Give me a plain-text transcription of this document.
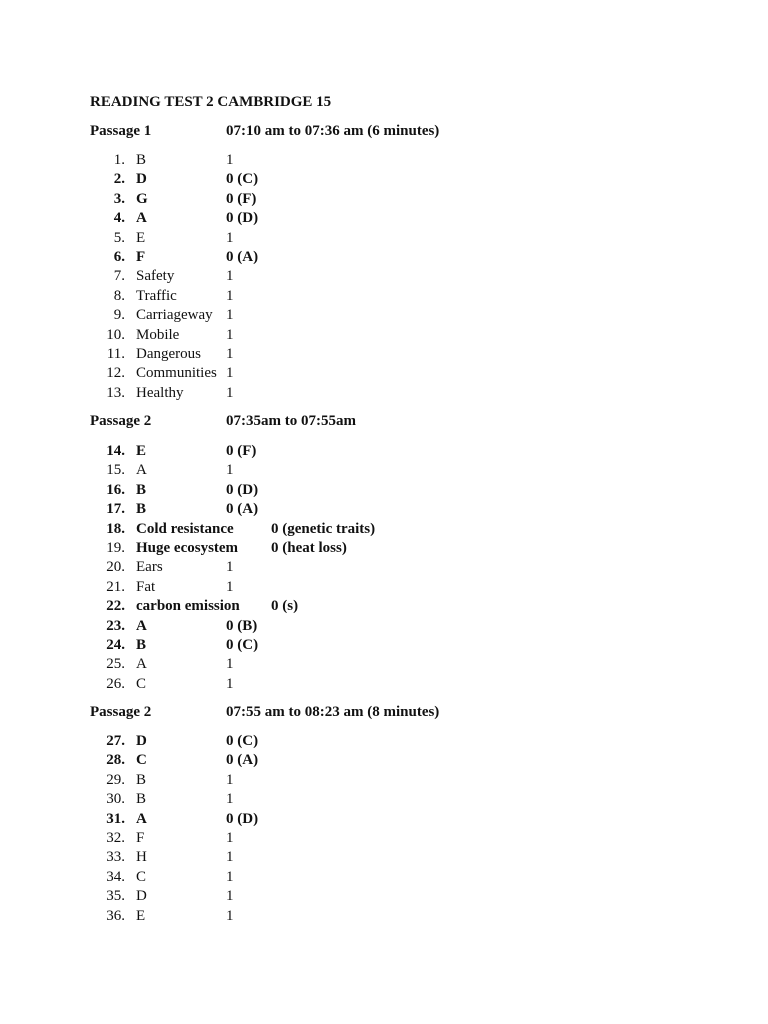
READING TEST 2 CAMBRIDGE 15
Passage 1	07:10 am to 07:36 am (6 minutes)
1. B	1
2. D	0 (C)
3. G	0 (F)
4. A	0 (D)
5. E	1
6. F	0 (A)
7. Safety	1
8. Traffic	1
9. Carriageway 1
10. Mobile	1
11. Dangerous 1
12. Communities 1
13. Healthy	1
Passage 2	07:35am to 07:55am
14. E	0 (F)
15. A	1
16. B	0 (D)
17. B	0 (A)
18. Cold resistance 0 (genetic traits)
19. Huge ecosystem 0 (heat loss)
20. Ears	1
21. Fat	1
22. carbon emission 0 (s)
23. A	0 (B)
24. B	0 (C)
25. A	1
26. C	1
Passage 2	07:55 am to 08:23 am (8 minutes)
27. D	0 (C)
28. C	0 (A)
29. B	1
30. B	1
31. A	0 (D)
32. F	1
33. H	1
34. C	1
35. D	1
36. E	1
